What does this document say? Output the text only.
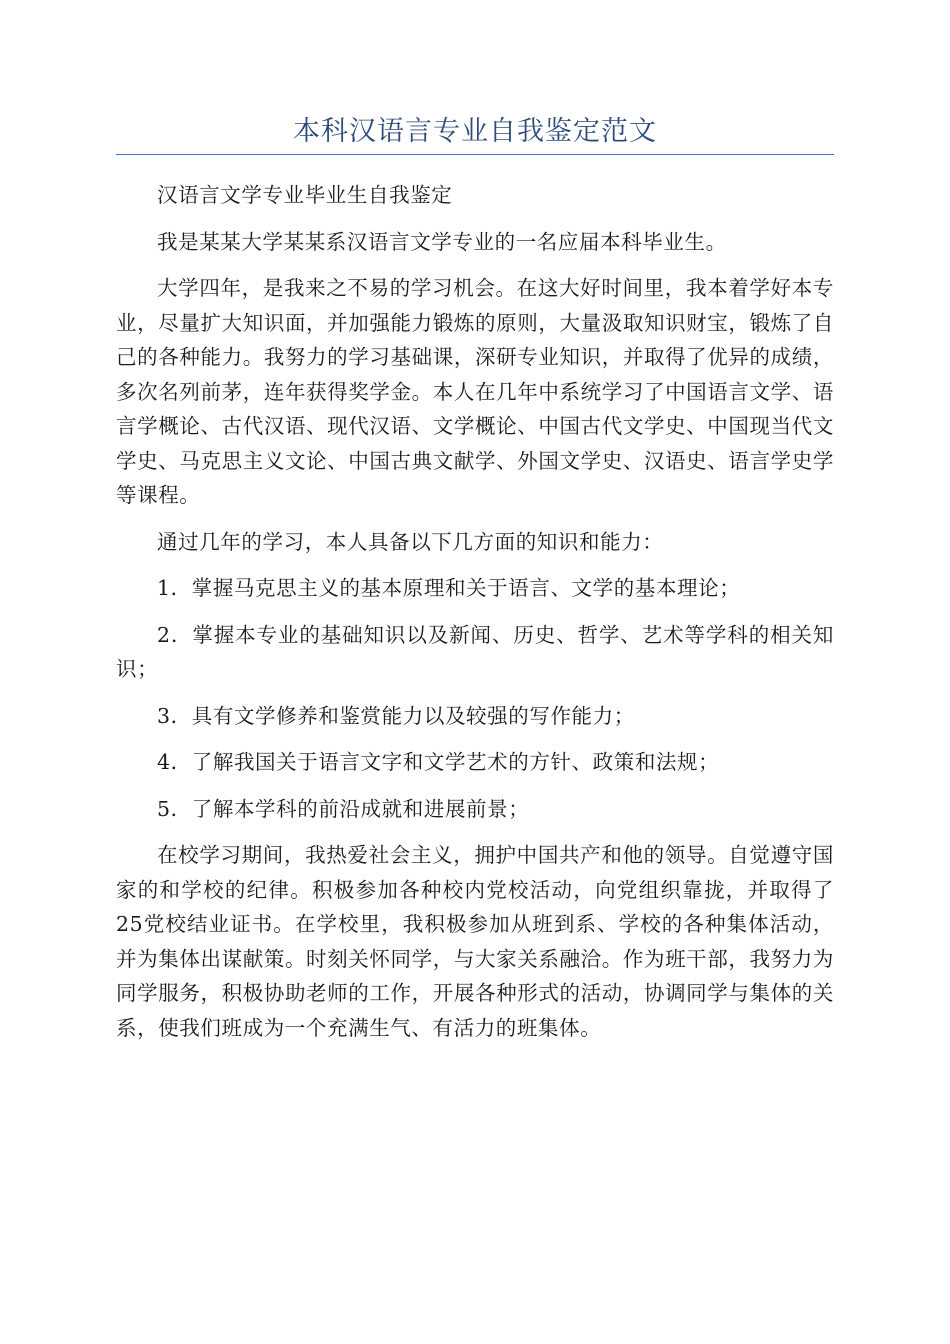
本科汉语言专业自我鉴定范文

汉语言文学专业毕业生自我鉴定

我是某某大学某某系汉语言文学专业的一名应届本科毕业生。

大学四年，是我来之不易的学习机会。在这大好时间里，我本着学好本专业，尽量扩大知识面，并加强能力锻炼的原则，大量汲取知识财宝，锻炼了自己的各种能力。我努力的学习基础课，深研专业知识，并取得了优异的成绩，多次名列前茅，连年获得奖学金。本人在几年中系统学习了中国语言文学、语言学概论、古代汉语、现代汉语、文学概论、中国古代文学史、中国现当代文学史、马克思主义文论、中国古典文献学、外国文学史、汉语史、语言学史学等课程。

通过几年的学习，本人具备以下几方面的知识和能力：

1．掌握马克思主义的基本原理和关于语言、文学的基本理论；

2．掌握本专业的基础知识以及新闻、历史、哲学、艺术等学科的相关知识；

3．具有文学修养和鉴赏能力以及较强的写作能力；

4．了解我国关于语言文字和文学艺术的方针、政策和法规；

5．了解本学科的前沿成就和进展前景；

在校学习期间，我热爱社会主义，拥护中国共产和他的领导。自觉遵守国家的和学校的纪律。积极参加各种校内党校活动，向党组织靠拢，并取得了25党校结业证书。在学校里，我积极参加从班到系、学校的各种集体活动，并为集体出谋献策。时刻关怀同学，与大家关系融洽。作为班干部，我努力为同学服务，积极协助老师的工作，开展各种形式的活动，协调同学与集体的关系，使我们班成为一个充满生气、有活力的班集体。
